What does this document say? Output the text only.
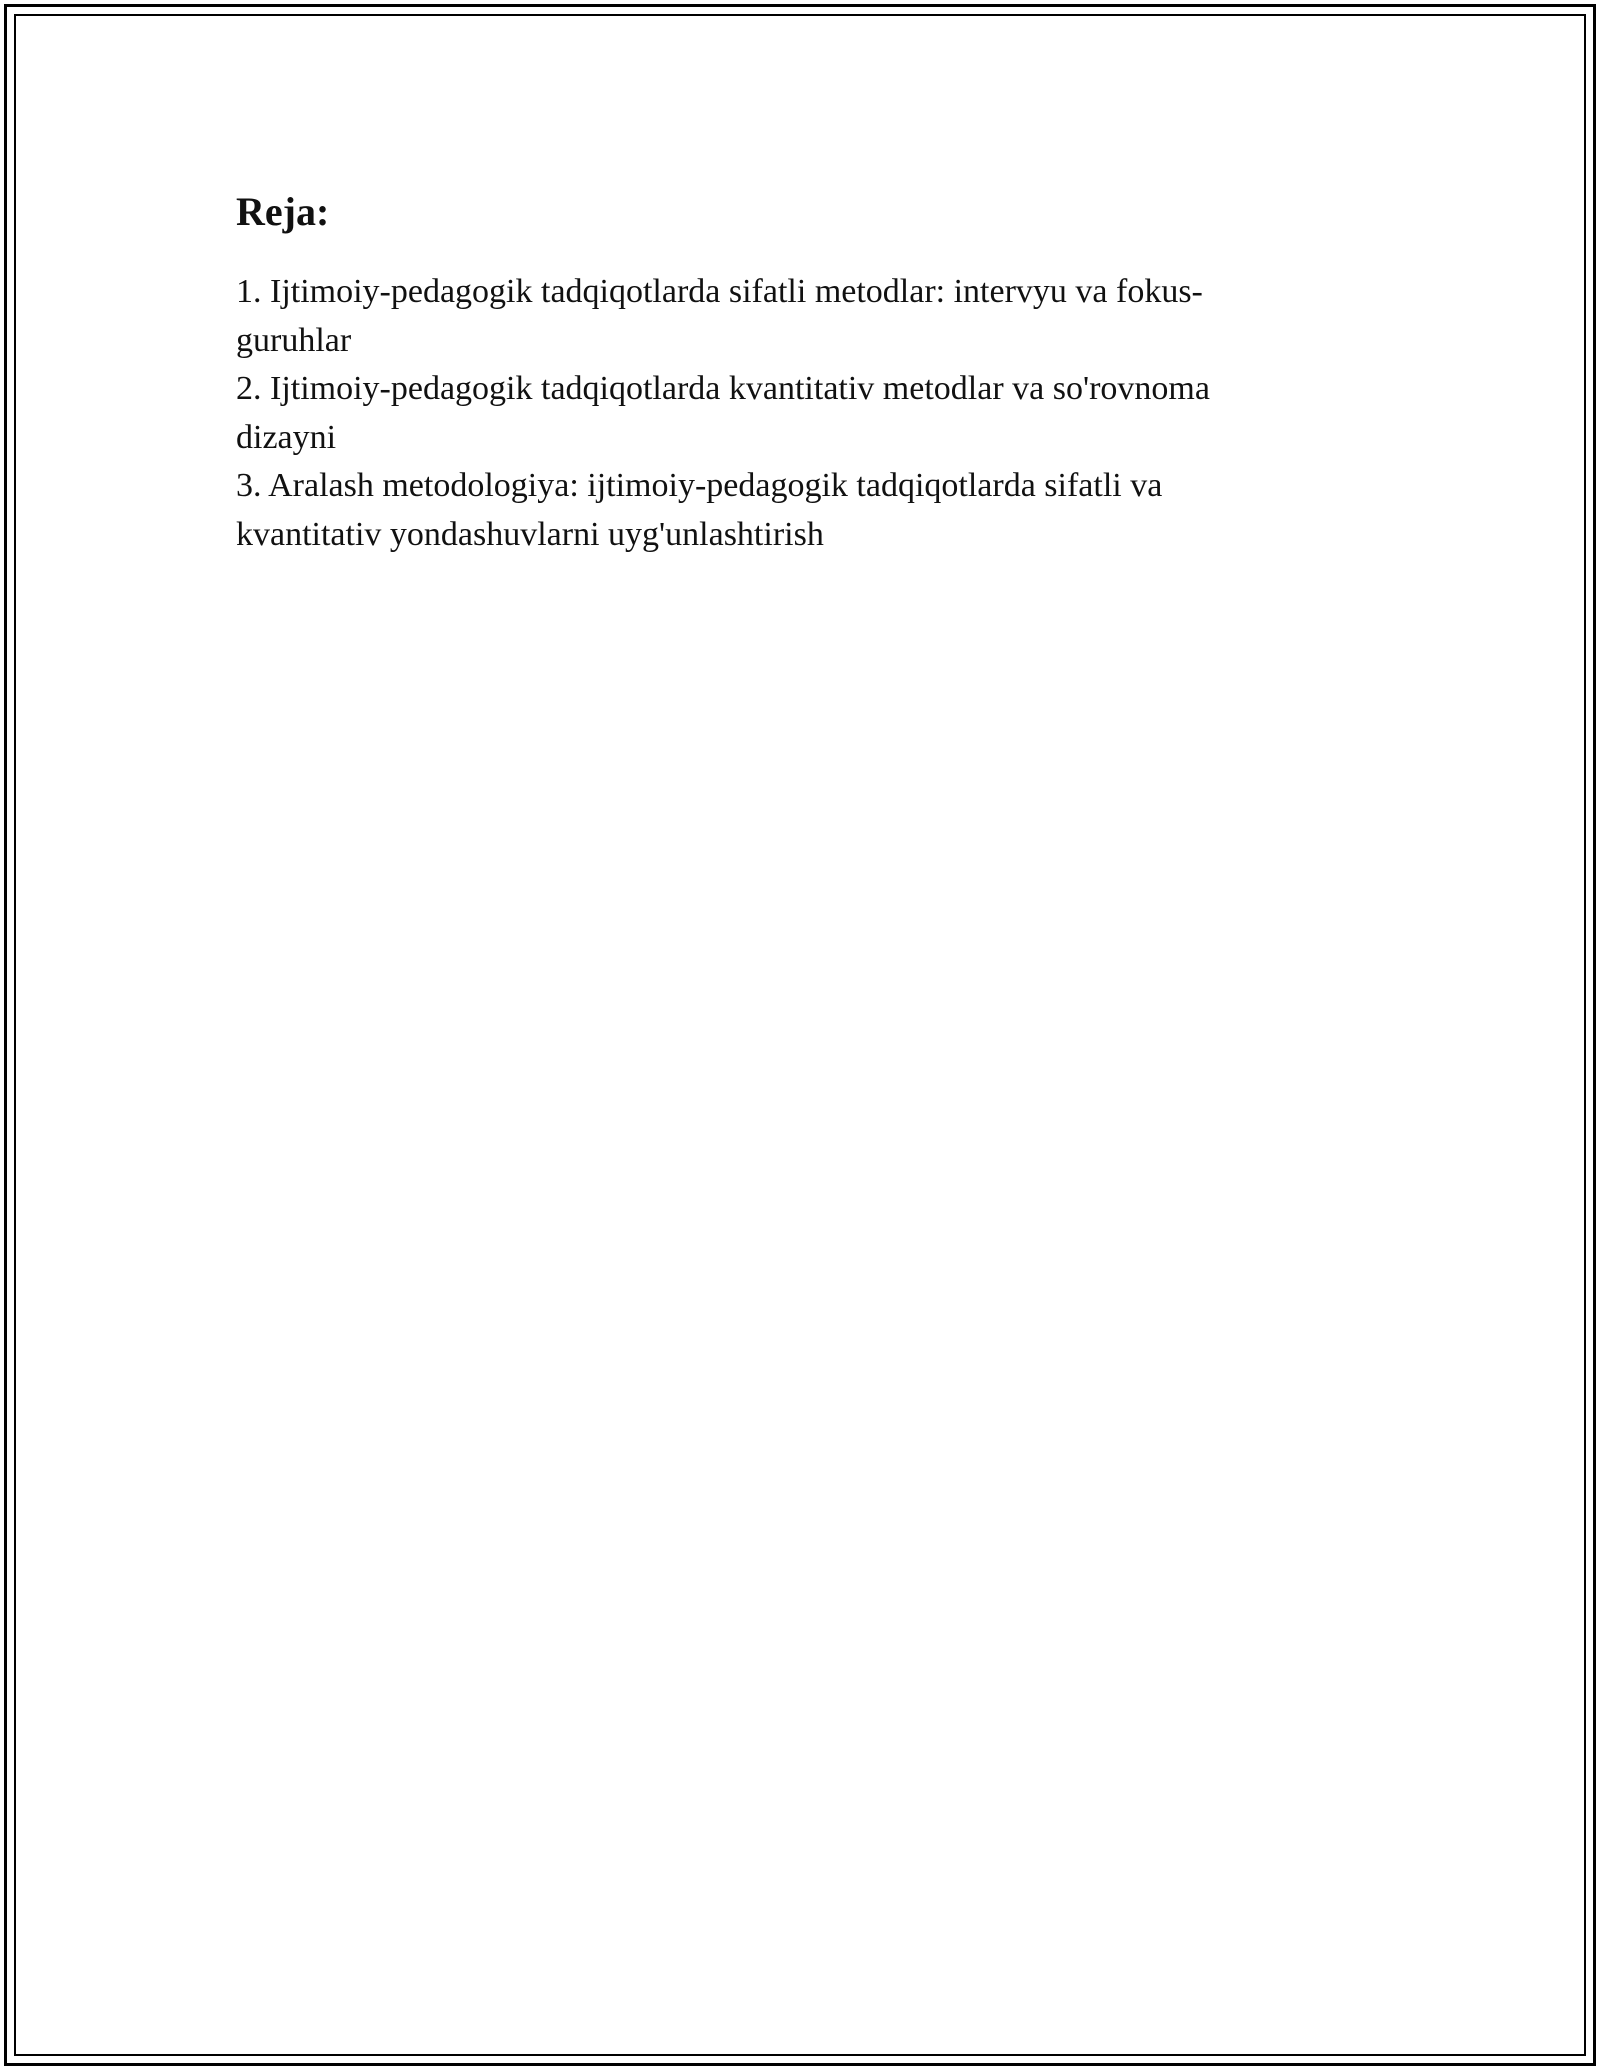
Reja:
1. Ijtimoiy-pedagogik tadqiqotlarda sifatli metodlar: intervyu va fokus-guruhlar
2. Ijtimoiy-pedagogik tadqiqotlarda kvantitativ metodlar va so'rovnoma dizayni
3. Aralash metodologiya: ijtimoiy-pedagogik tadqiqotlarda sifatli va kvantitativ yondashuvlarni uyg'unlashtirish
